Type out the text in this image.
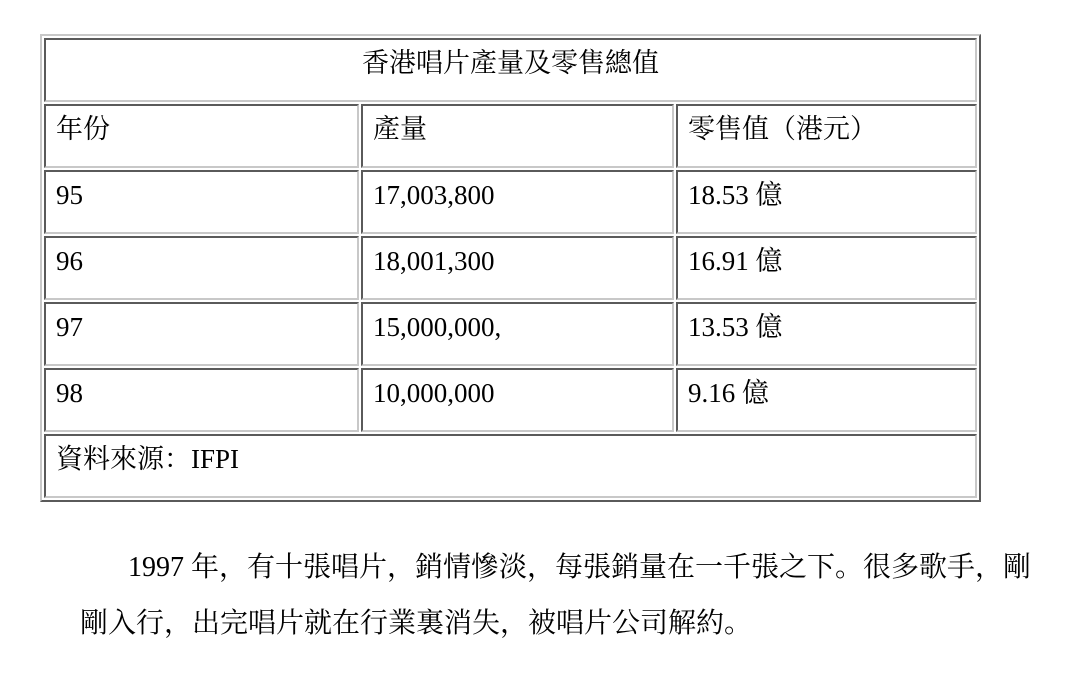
香港唱片產量及零售總值		
年份	產量	零售值（港元）
95	17,003,800	18.53 億
96	18,001,300	16.91 億
97	15,000,000,	13.53 億
98	10,000,000	9.16 億
資料來源：IFPI		

1997 年，有十張唱片，銷情慘淡，每張銷量在一千張之下。很多歌手，剛剛入行，出完唱片就在行業裏消失，被唱片公司解約。
